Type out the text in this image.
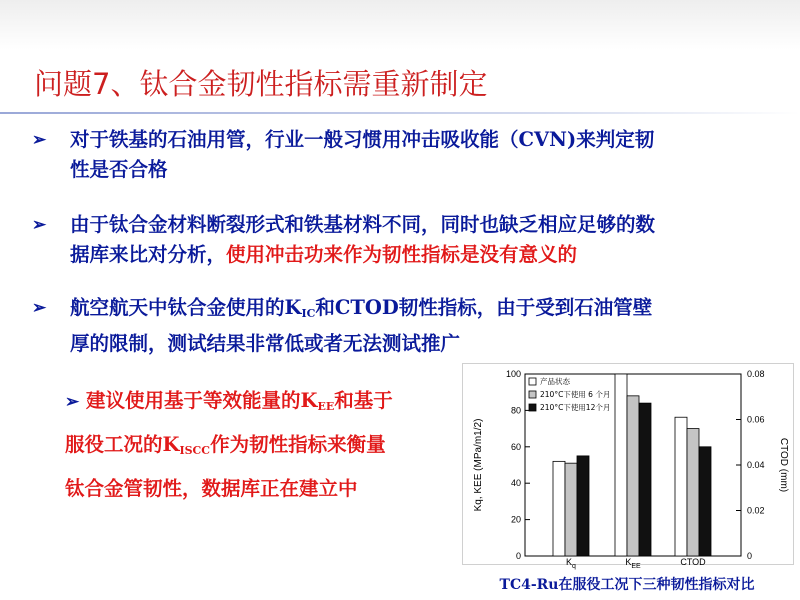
问题7、钛合金韧性指标需重新制定
➢	对于铁基的石油用管，行业一般习惯用冲击吸收能（CVN)来判定韧
性是否合格
➢	由于钛合金材料断裂形式和铁基材料不同，同时也缺乏相应足够的数
据库来比对分析，使用冲击功来作为韧性指标是没有意义的
➢	航空航天中钛合金使用的$K_{IC}$和CTOD韧性指标，由于受到石油管壁
厚的限制，测试结果非常低或者无法测试推广
➢ 建议使用基于等效能量的$K_{EE}$和基于
服役工况的$K_{ISCC}$作为韧性指标来衡量
钛合金管韧性，数据库正在建立中
0
20
40
60
80
100
0
0.02
0.04
0.06
0.08
Kq, KEE (MPa/m1/2)	CTOD (mm)
$K_q$	$K_{EE}$	CTOD
产品状态
210°C下使用 6 个月
210°C下使用12个月
TC4-Ru在服役工况下三种韧性指标对比
